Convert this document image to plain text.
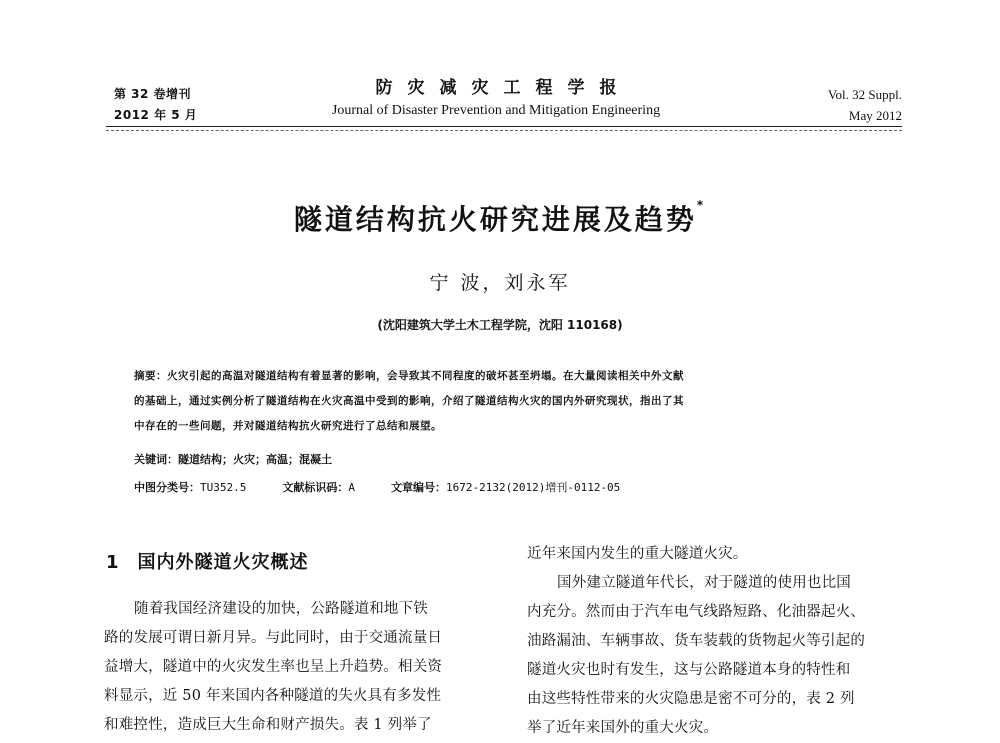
第 32 卷增刊
2012 年 5 月
防灾减灾工程学报
Journal of Disaster Prevention and Mitigation Engineering
Vol. 32 Suppl.
May 2012
隧道结构抗火研究进展及趋势*
宁 波，刘永军
(沈阳建筑大学土木工程学院，沈阳 110168)
摘要：火灾引起的高温对隧道结构有着显著的影响，会导致其不同程度的破坏甚至坍塌。在大量阅读相关中外文献
的基础上，通过实例分析了隧道结构在火灾高温中受到的影响，介绍了隧道结构火灾的国内外研究现状，指出了其
中存在的一些问题，并对隧道结构抗火研究进行了总结和展望。
关键词：隧道结构；火灾；高温；混凝土
中图分类号：TU352.5	文献标识码：A	文章编号：1672-2132(2012)增刊-0112-05
1 国内外隧道火灾概述
随着我国经济建设的加快，公路隧道和地下铁
路的发展可谓日新月异。与此同时，由于交通流量日
益增大，隧道中的火灾发生率也呈上升趋势。相关资
料显示，近 50 年来国内各种隧道的失火具有多发性
和难控性，造成巨大生命和财产损失。表 1 列举了
近年来国内发生的重大隧道火灾。
国外建立隧道年代长，对于隧道的使用也比国
内充分。然而由于汽车电气线路短路、化油器起火、
油路漏油、车辆事故、货车装载的货物起火等引起的
隧道火灾也时有发生，这与公路隧道本身的特性和
由这些特性带来的火灾隐患是密不可分的，表 2 列
举了近年来国外的重大火灾。
